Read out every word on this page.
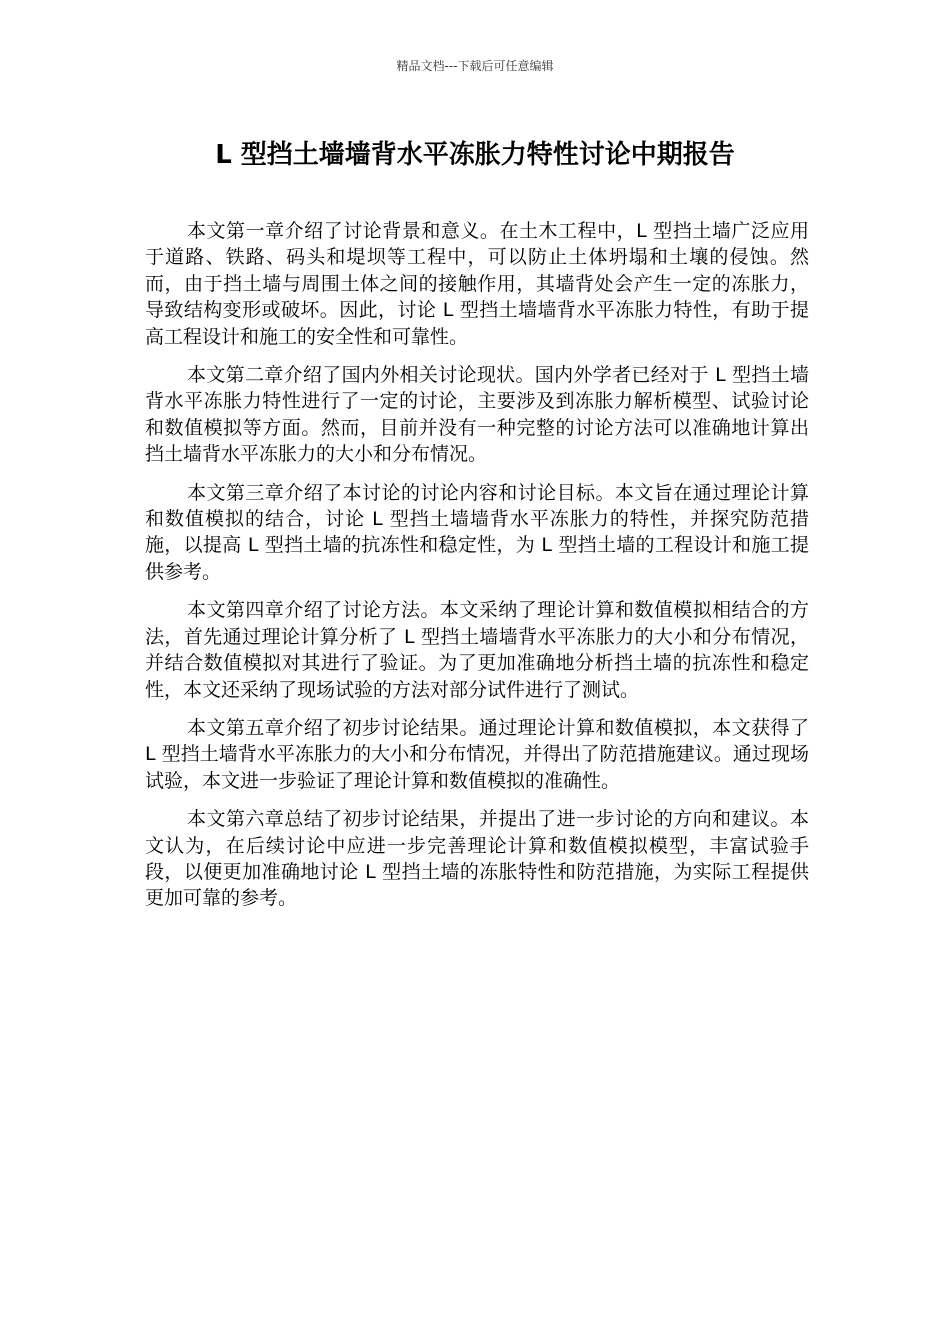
精品文档---下载后可任意编辑
L 型挡土墙墙背水平冻胀力特性讨论中期报告

本文第一章介绍了讨论背景和意义。在土木工程中，L 型挡土墙广泛应用于道路、铁路、码头和堤坝等工程中，可以防止土体坍塌和土壤的侵蚀。然而，由于挡土墙与周围土体之间的接触作用，其墙背处会产生一定的冻胀力，导致结构变形或破坏。因此，讨论 L 型挡土墙墙背水平冻胀力特性，有助于提高工程设计和施工的安全性和可靠性。

本文第二章介绍了国内外相关讨论现状。国内外学者已经对于 L 型挡土墙背水平冻胀力特性进行了一定的讨论，主要涉及到冻胀力解析模型、试验讨论和数值模拟等方面。然而，目前并没有一种完整的讨论方法可以准确地计算出挡土墙背水平冻胀力的大小和分布情况。

本文第三章介绍了本讨论的讨论内容和讨论目标。本文旨在通过理论计算和数值模拟的结合，讨论 L 型挡土墙墙背水平冻胀力的特性，并探究防范措施，以提高 L 型挡土墙的抗冻性和稳定性，为 L 型挡土墙的工程设计和施工提供参考。

本文第四章介绍了讨论方法。本文采纳了理论计算和数值模拟相结合的方法，首先通过理论计算分析了 L 型挡土墙墙背水平冻胀力的大小和分布情况，并结合数值模拟对其进行了验证。为了更加准确地分析挡土墙的抗冻性和稳定性，本文还采纳了现场试验的方法对部分试件进行了测试。

本文第五章介绍了初步讨论结果。通过理论计算和数值模拟，本文获得了 L 型挡土墙背水平冻胀力的大小和分布情况，并得出了防范措施建议。通过现场试验，本文进一步验证了理论计算和数值模拟的准确性。

本文第六章总结了初步讨论结果，并提出了进一步讨论的方向和建议。本文认为，在后续讨论中应进一步完善理论计算和数值模拟模型，丰富试验手段，以便更加准确地讨论 L 型挡土墙的冻胀特性和防范措施，为实际工程提供更加可靠的参考。
